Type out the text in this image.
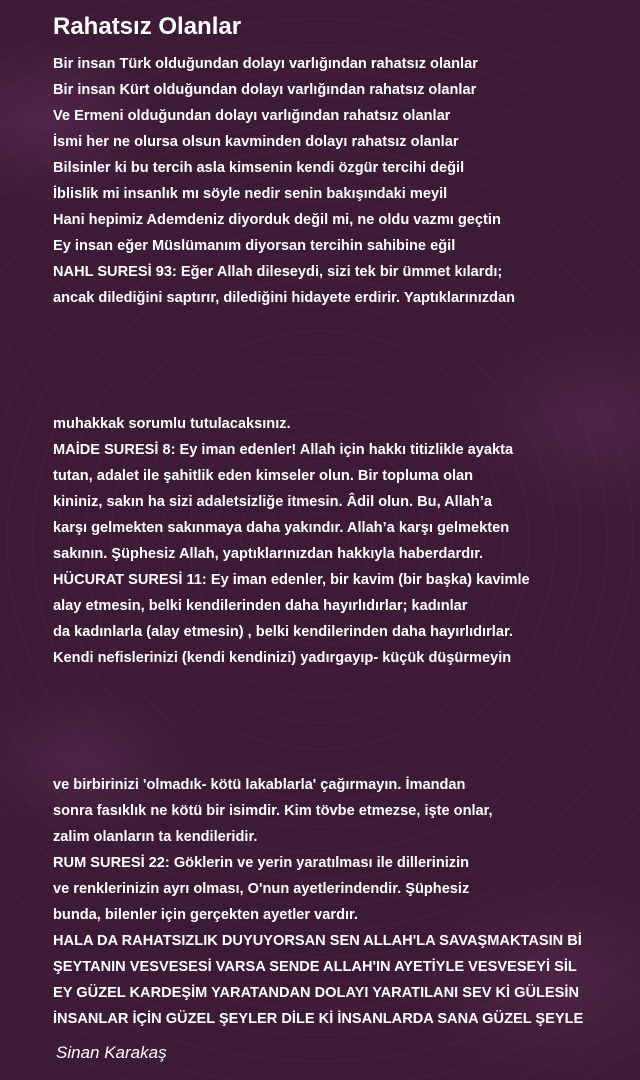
Rahatsız Olanlar
Bir insan Türk olduğundan dolayı varlığından rahatsız olanlar
Bir insan Kürt olduğundan dolayı varlığından rahatsız olanlar
Ve Ermeni olduğundan dolayı varlığından rahatsız olanlar
İsmi her ne olursa olsun kavminden dolayı rahatsız olanlar
Bilsinler ki bu tercih asla kimsenin kendi özgür tercihi değil
İblislik mi insanlık mı söyle nedir senin bakışındaki meyil
Hani hepimiz Ademdeniz diyorduk değil mi, ne oldu vazmı geçtin
Ey insan eğer Müslümanım diyorsan tercihin sahibine eğil
NAHL SURESİ 93: Eğer Allah dileseydi, sizi tek bir ümmet kılardı;
ancak dilediğini saptırır, dilediğini hidayete erdirir. Yaptıklarınızdan
muhakkak sorumlu tutulacaksınız.
MAİDE SURESİ 8: Ey iman edenler! Allah için hakkı titizlikle ayakta
tutan, adalet ile şahitlik eden kimseler olun. Bir topluma olan
kininiz, sakın ha sizi adaletsizliğe itmesin. Âdil olun. Bu, Allah’a
karşı gelmekten sakınmaya daha yakındır. Allah’a karşı gelmekten
sakının. Şüphesiz Allah, yaptıklarınızdan hakkıyla haberdardır.
HÜCURAT SURESİ 11: Ey iman edenler, bir kavim (bir başka) kavimle
alay etmesin, belki kendilerinden daha hayırlıdırlar; kadınlar
da kadınlarla (alay etmesin) , belki kendilerinden daha hayırlıdırlar.
Kendi nefislerinizi (kendi kendinizi) yadırgayıp- küçük düşürmeyin
ve birbirinizi 'olmadık- kötü lakablarla' çağırmayın. İmandan
sonra fasıklık ne kötü bir isimdir. Kim tövbe etmezse, işte onlar,
zalim olanların ta kendileridir.
RUM SURESİ 22: Göklerin ve yerin yaratılması ile dillerinizin
ve renklerinizin ayrı olması, O'nun ayetlerindendir. Şüphesiz
bunda, bilenler için gerçekten ayetler vardır.
HALA DA RAHATSIZLIK DUYUYORSAN SEN ALLAH'LA SAVAŞMAKTASIN Bİ
ŞEYTANIN VESVESESİ VARSA SENDE ALLAH'IN AYETİYLE VESVESEYİ SİL
EY GÜZEL KARDEŞİM YARATANDAN DOLAYI YARATILANI SEV Kİ GÜLESİN
İNSANLAR İÇİN GÜZEL ŞEYLER DİLE Kİ İNSANLARDA SANA GÜZEL ŞEYLE

Sinan Karakaş
